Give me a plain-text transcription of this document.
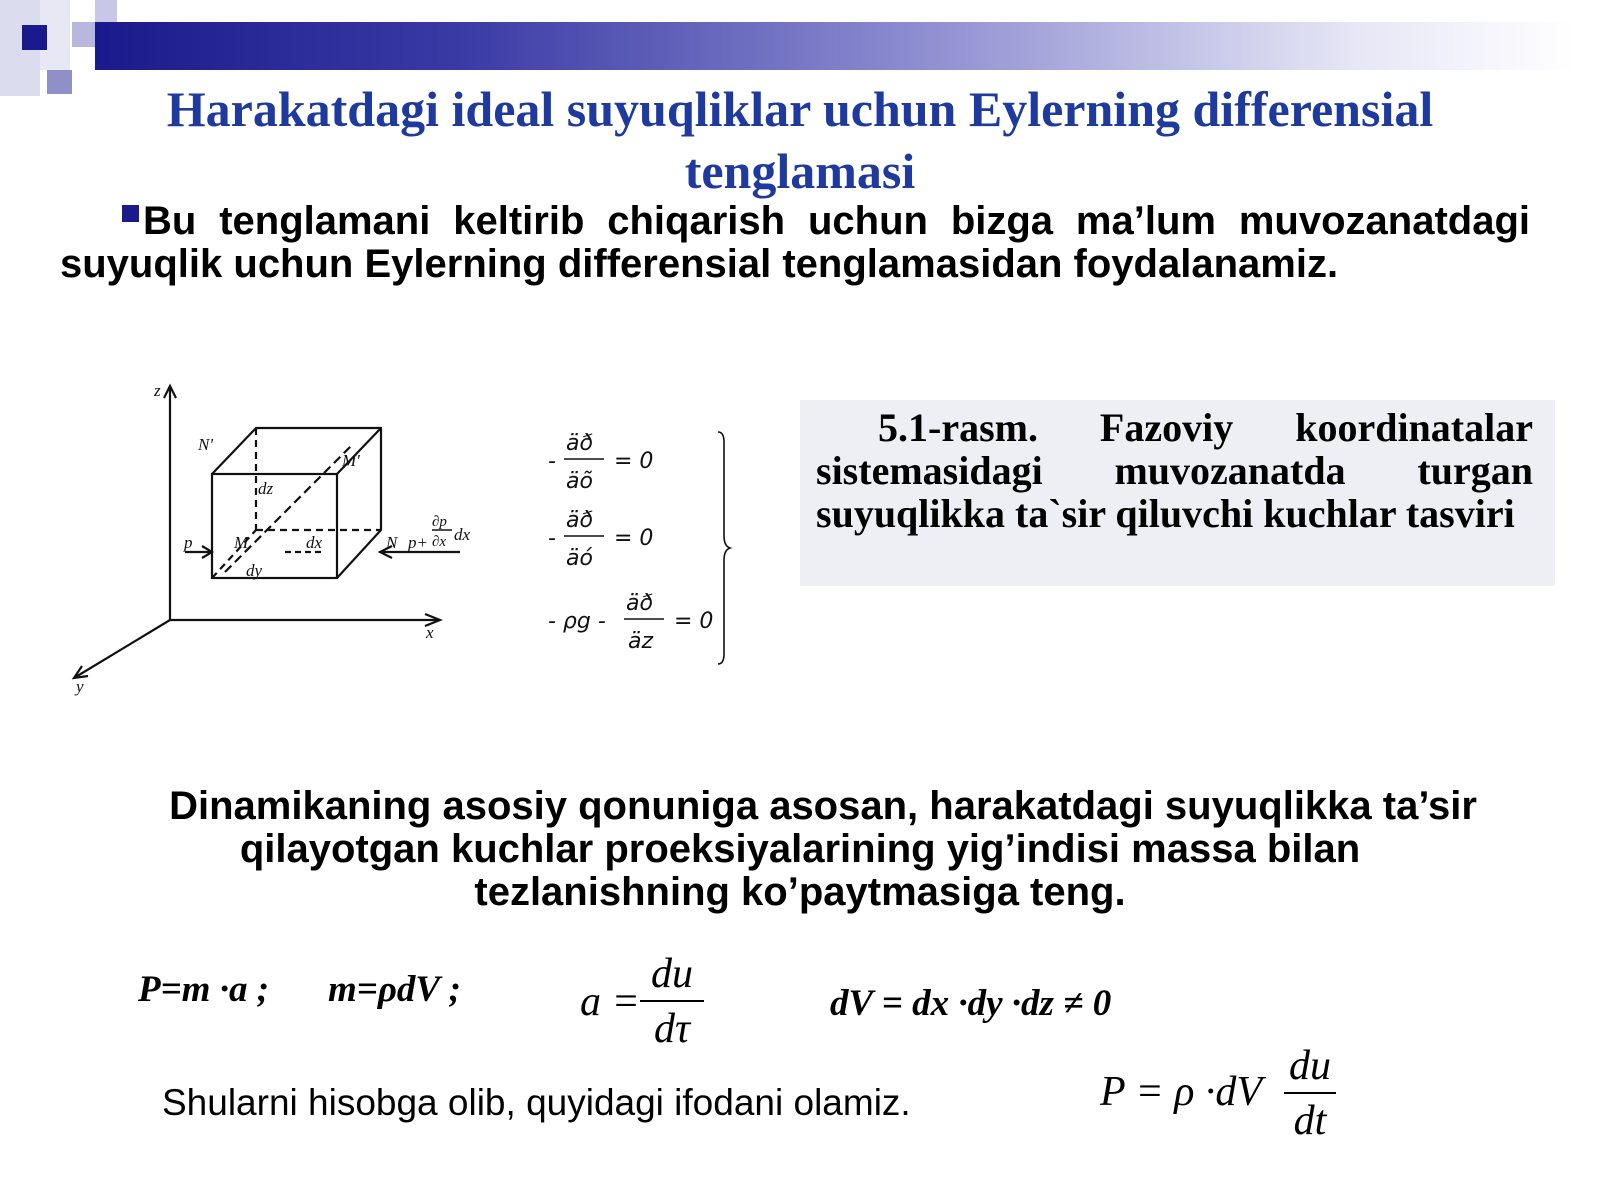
Harakatdagi ideal suyuqliklar uchun Eylerning differensial tenglamasi
Bu tenglamani keltirib chiqarish uchun bizga ma’lum muvozanatdagi suyuqlik uchun Eylerning differensial tenglamasidan foydalanamiz.
z
x
y
N'
M'
M	N
p
dz
dx
dy
p+
∂p
∂x dx
-
äð
äõ
= 0
-
äð
äó
= 0
- ρg -
äð
äz
= 0
5.1-rasm. Fazoviy koordinatalar sistemasidagi muvozanatda turgan suyuqlikka ta`sir qiluvchi kuchlar tasviri
Dinamikaning asosiy qonuniga asosan, harakatdagi suyuqlikka ta’sir qilayotgan kuchlar proeksiyalarining yig’indisi massa bilan tezlanishning ko’paytmasiga teng.
P=m ·a ; m=ρdV ;	a =
du
dτ
dV = dx ·dy ·dz ≠ 0
Shularni hisobga olib, quyidagi ifodani olamiz.	P = ρ ·dV
du
dt
